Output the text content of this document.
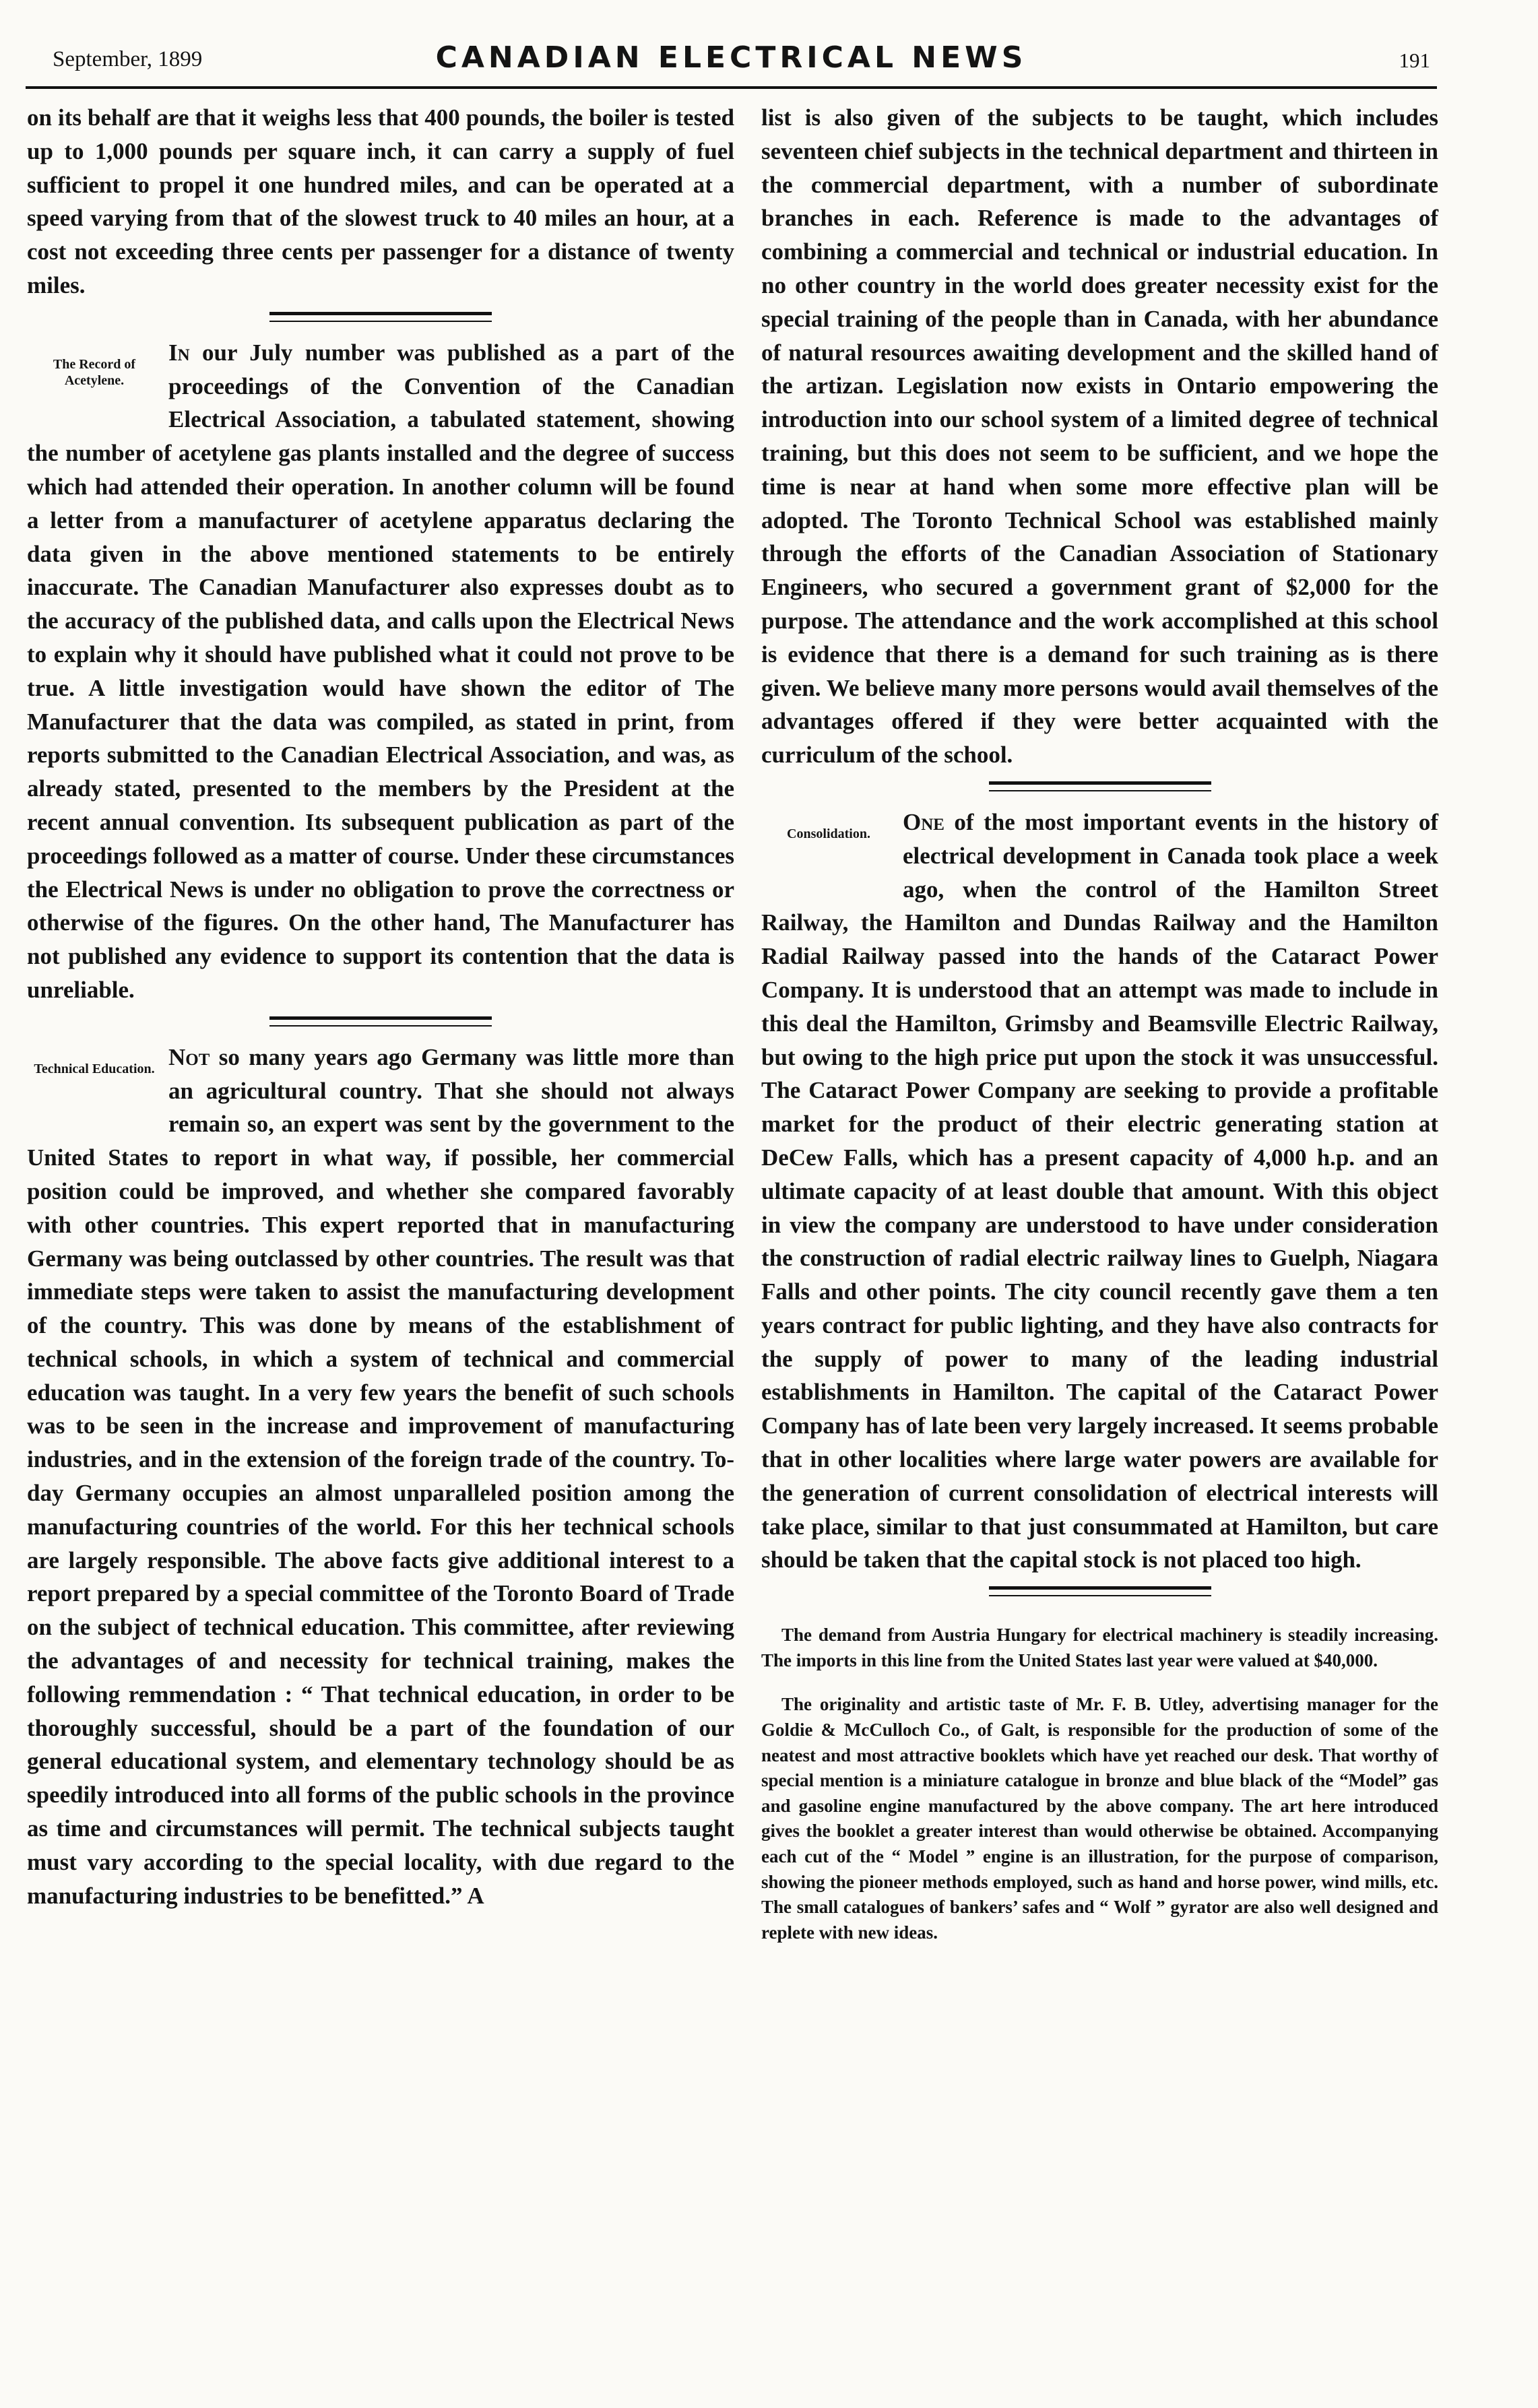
September, 1899	CANADIAN ELECTRICAL NEWS	191

on its behalf are that it weighs less that 400 pounds, the boiler is tested up to 1,000 pounds per square inch, it can carry a supply of fuel sufficient to propel it one hundred miles, and can be operated at a speed varying from that of the slowest truck to 40 miles an hour, at a cost not exceeding three cents per passenger for a distance of twenty miles.

The Record of Acetylene.

In our July number was published as a part of the proceedings of the Convention of the Canadian Electrical Association, a tabulated statement, showing the number of acetylene gas plants installed and the degree of success which had attended their operation. In another column will be found a letter from a manufacturer of acetylene apparatus declaring the data given in the above mentioned statements to be entirely inaccurate. The Canadian Manufacturer also expresses doubt as to the accuracy of the published data, and calls upon the Electrical News to explain why it should have published what it could not prove to be true. A little investigation would have shown the editor of The Manufacturer that the data was compiled, as stated in print, from reports submitted to the Canadian Electrical Association, and was, as already stated, presented to the members by the President at the recent annual convention. Its subsequent publication as part of the proceedings followed as a matter of course. Under these circumstances the Electrical News is under no obligation to prove the correctness or otherwise of the figures. On the other hand, The Manufacturer has not published any evidence to support its contention that the data is unreliable.

Technical Education. Not so many years ago Germany was little more than an agricultural country. That she should not always remain so, an expert was sent by the government to the United States to report in what way, if possible, her commercial position could be improved, and whether she compared favorably with other countries. This expert reported that in manufacturing Germany was being outclassed by other countries. The result was that immediate steps were taken to assist the manufacturing development of the country. This was done by means of the establishment of technical schools, in which a system of technical and commercial education was taught. In a very few years the benefit of such schools was to be seen in the increase and improvement of manufacturing industries, and in the extension of the foreign trade of the country. To-day Germany occupies an almost unparalleled position among the manufacturing countries of the world. For this her technical schools are largely responsible. The above facts give additional interest to a report prepared by a special committee of the Toronto Board of Trade on the subject of technical education. This committee, after reviewing the advantages of and necessity for technical training, makes the following remmendation : “ That technical education, in order to be thoroughly successful, should be a part of the foundation of our general educational system, and elementary technology should be as speedily introduced into all forms of the public schools in the province as time and circumstances will permit. The technical subjects taught must vary according to the special locality, with due regard to the manufacturing industries to be benefitted.” A

list is also given of the subjects to be taught, which includes seventeen chief subjects in the technical department and thirteen in the commercial department, with a number of subordinate branches in each. Reference is made to the advantages of combining a commercial and technical or industrial education. In no other country in the world does greater necessity exist for the special training of the people than in Canada, with her abundance of natural resources awaiting development and the skilled hand of the artizan. Legislation now exists in Ontario empowering the introduction into our school system of a limited degree of technical training, but this does not seem to be sufficient, and we hope the time is near at hand when some more effective plan will be adopted. The Toronto Technical School was established mainly through the efforts of the Canadian Association of Stationary Engineers, who secured a government grant of $2,000 for the purpose. The attendance and the work accomplished at this school is evidence that there is a demand for such training as is there given. We believe many more persons would avail themselves of the advantages offered if they were better acquainted with the curriculum of the school.

Consolidation.	One of the most important events in the history of electrical development in Canada took place a week ago, when the control of the Hamilton Street Railway, the Hamilton and Dundas Railway and the Hamilton Radial Railway passed into the hands of the Cataract Power Company. It is understood that an attempt was made to include in this deal the Hamilton, Grimsby and Beamsville Electric Railway, but owing to the high price put upon the stock it was unsuccessful. The Cataract Power Company are seeking to provide a profitable market for the product of their electric generating station at DeCew Falls, which has a present capacity of 4,000 h.p. and an ultimate capacity of at least double that amount. With this object in view the company are understood to have under consideration the construction of radial electric railway lines to Guelph, Niagara Falls and other points. The city council recently gave them a ten years contract for public lighting, and they have also contracts for the supply of power to many of the leading industrial establishments in Hamilton. The capital of the Cataract Power Company has of late been very largely increased. It seems probable that in other localities where large water powers are available for the generation of current consolidation of electrical interests will take place, similar to that just consummated at Hamilton, but care should be taken that the capital stock is not placed too high.

The demand from Austria Hungary for electrical machinery is steadily increasing. The imports in this line from the United States last year were valued at $40,000.

The originality and artistic taste of Mr. F. B. Utley, advertising manager for the Goldie & McCulloch Co., of Galt, is responsible for the production of some of the neatest and most attractive booklets which have yet reached our desk. That worthy of special mention is a miniature catalogue in bronze and blue black of the “Model” gas and gasoline engine manufactured by the above company. The art here introduced gives the booklet a greater interest than would otherwise be obtained. Accompanying each cut of the “ Model ” engine is an illustration, for the purpose of comparison, showing the pioneer methods employed, such as hand and horse power, wind mills, etc. The small catalogues of bankers’ safes and “ Wolf ” gyrator are also well designed and replete with new ideas.
